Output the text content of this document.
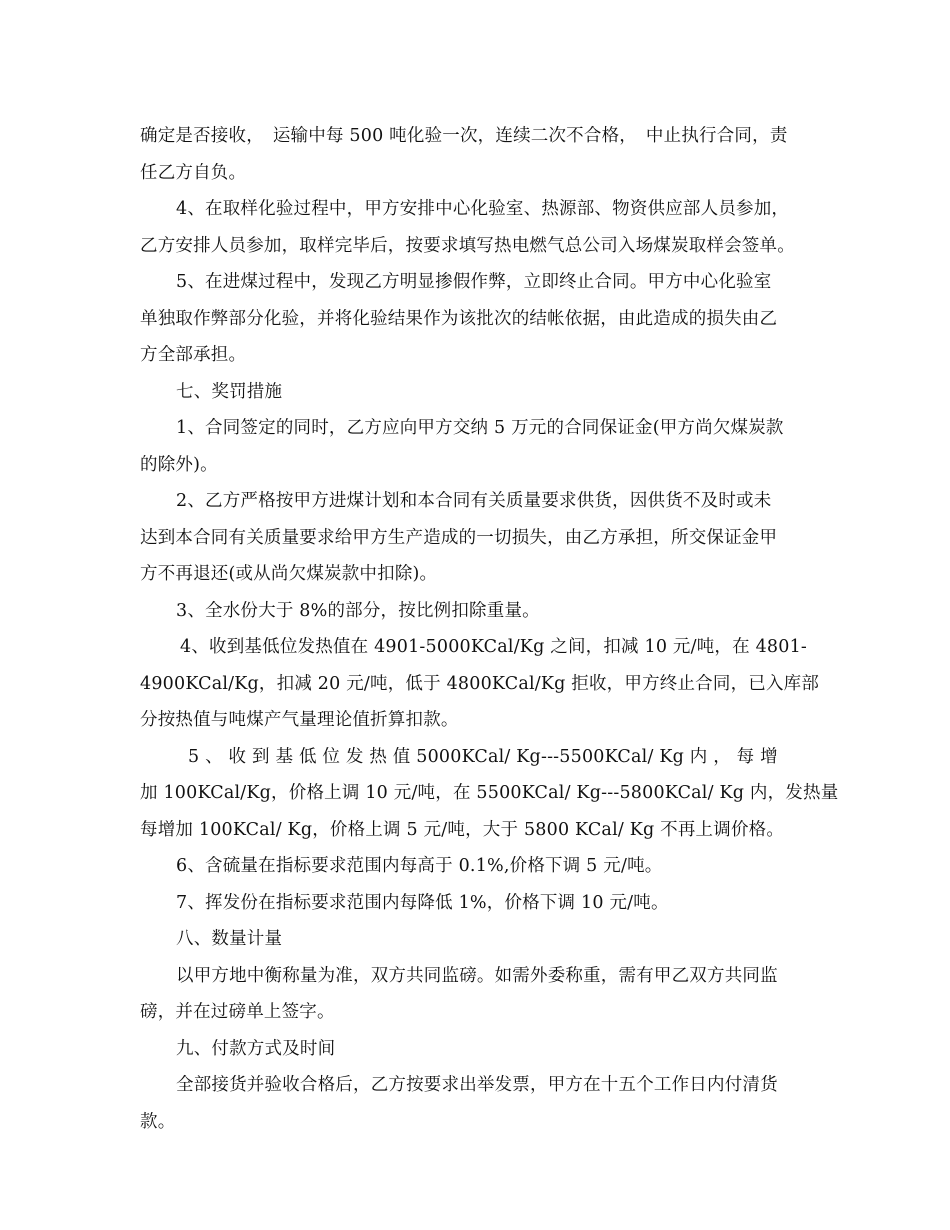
确定是否接收，　运输中每 500 吨化验一次，连续二次不合格，　中止执行合同，责
任乙方自负。
4、在取样化验过程中，甲方安排中心化验室、热源部、物资供应部人员参加，
乙方安排人员参加，取样完毕后，按要求填写热电燃气总公司入场煤炭取样会签单。
5、在进煤过程中，发现乙方明显掺假作弊，立即终止合同。甲方中心化验室
单独取作弊部分化验，并将化验结果作为该批次的结帐依据，由此造成的损失由乙
方全部承担。
七、奖罚措施
1、合同签定的同时，乙方应向甲方交纳 5 万元的合同保证金(甲方尚欠煤炭款
的除外)。
2、乙方严格按甲方进煤计划和本合同有关质量要求供货，因供货不及时或未
达到本合同有关质量要求给甲方生产造成的一切损失，由乙方承担，所交保证金甲
方不再退还(或从尚欠煤炭款中扣除)。
3、全水份大于 8%的部分，按比例扣除重量。
4、收到基低位发热值在 4901-5000KCal/Kg 之间，扣减 10 元/吨，在 4801-
4900KCal/Kg，扣减 20 元/吨，低于 4800KCal/Kg 拒收，甲方终止合同，已入库部
分按热值与吨煤产气量理论值折算扣款。
5 、 收 到 基 低 位 发 热 值 5000KCal/ Kg---5500KCal/ Kg 内 ， 每 增
加 100KCal/Kg，价格上调 10 元/吨，在 5500KCal/ Kg---5800KCal/ Kg 内，发热量
每增加 100KCal/ Kg，价格上调 5 元/吨，大于 5800 KCal/ Kg 不再上调价格。
6、含硫量在指标要求范围内每高于 0.1%,价格下调 5 元/吨。
7、挥发份在指标要求范围内每降低 1%，价格下调 10 元/吨。
八、数量计量
以甲方地中衡称量为准，双方共同监磅。如需外委称重，需有甲乙双方共同监
磅，并在过磅单上签字。
九、付款方式及时间
全部接货并验收合格后，乙方按要求出举发票，甲方在十五个工作日内付清货
款。
